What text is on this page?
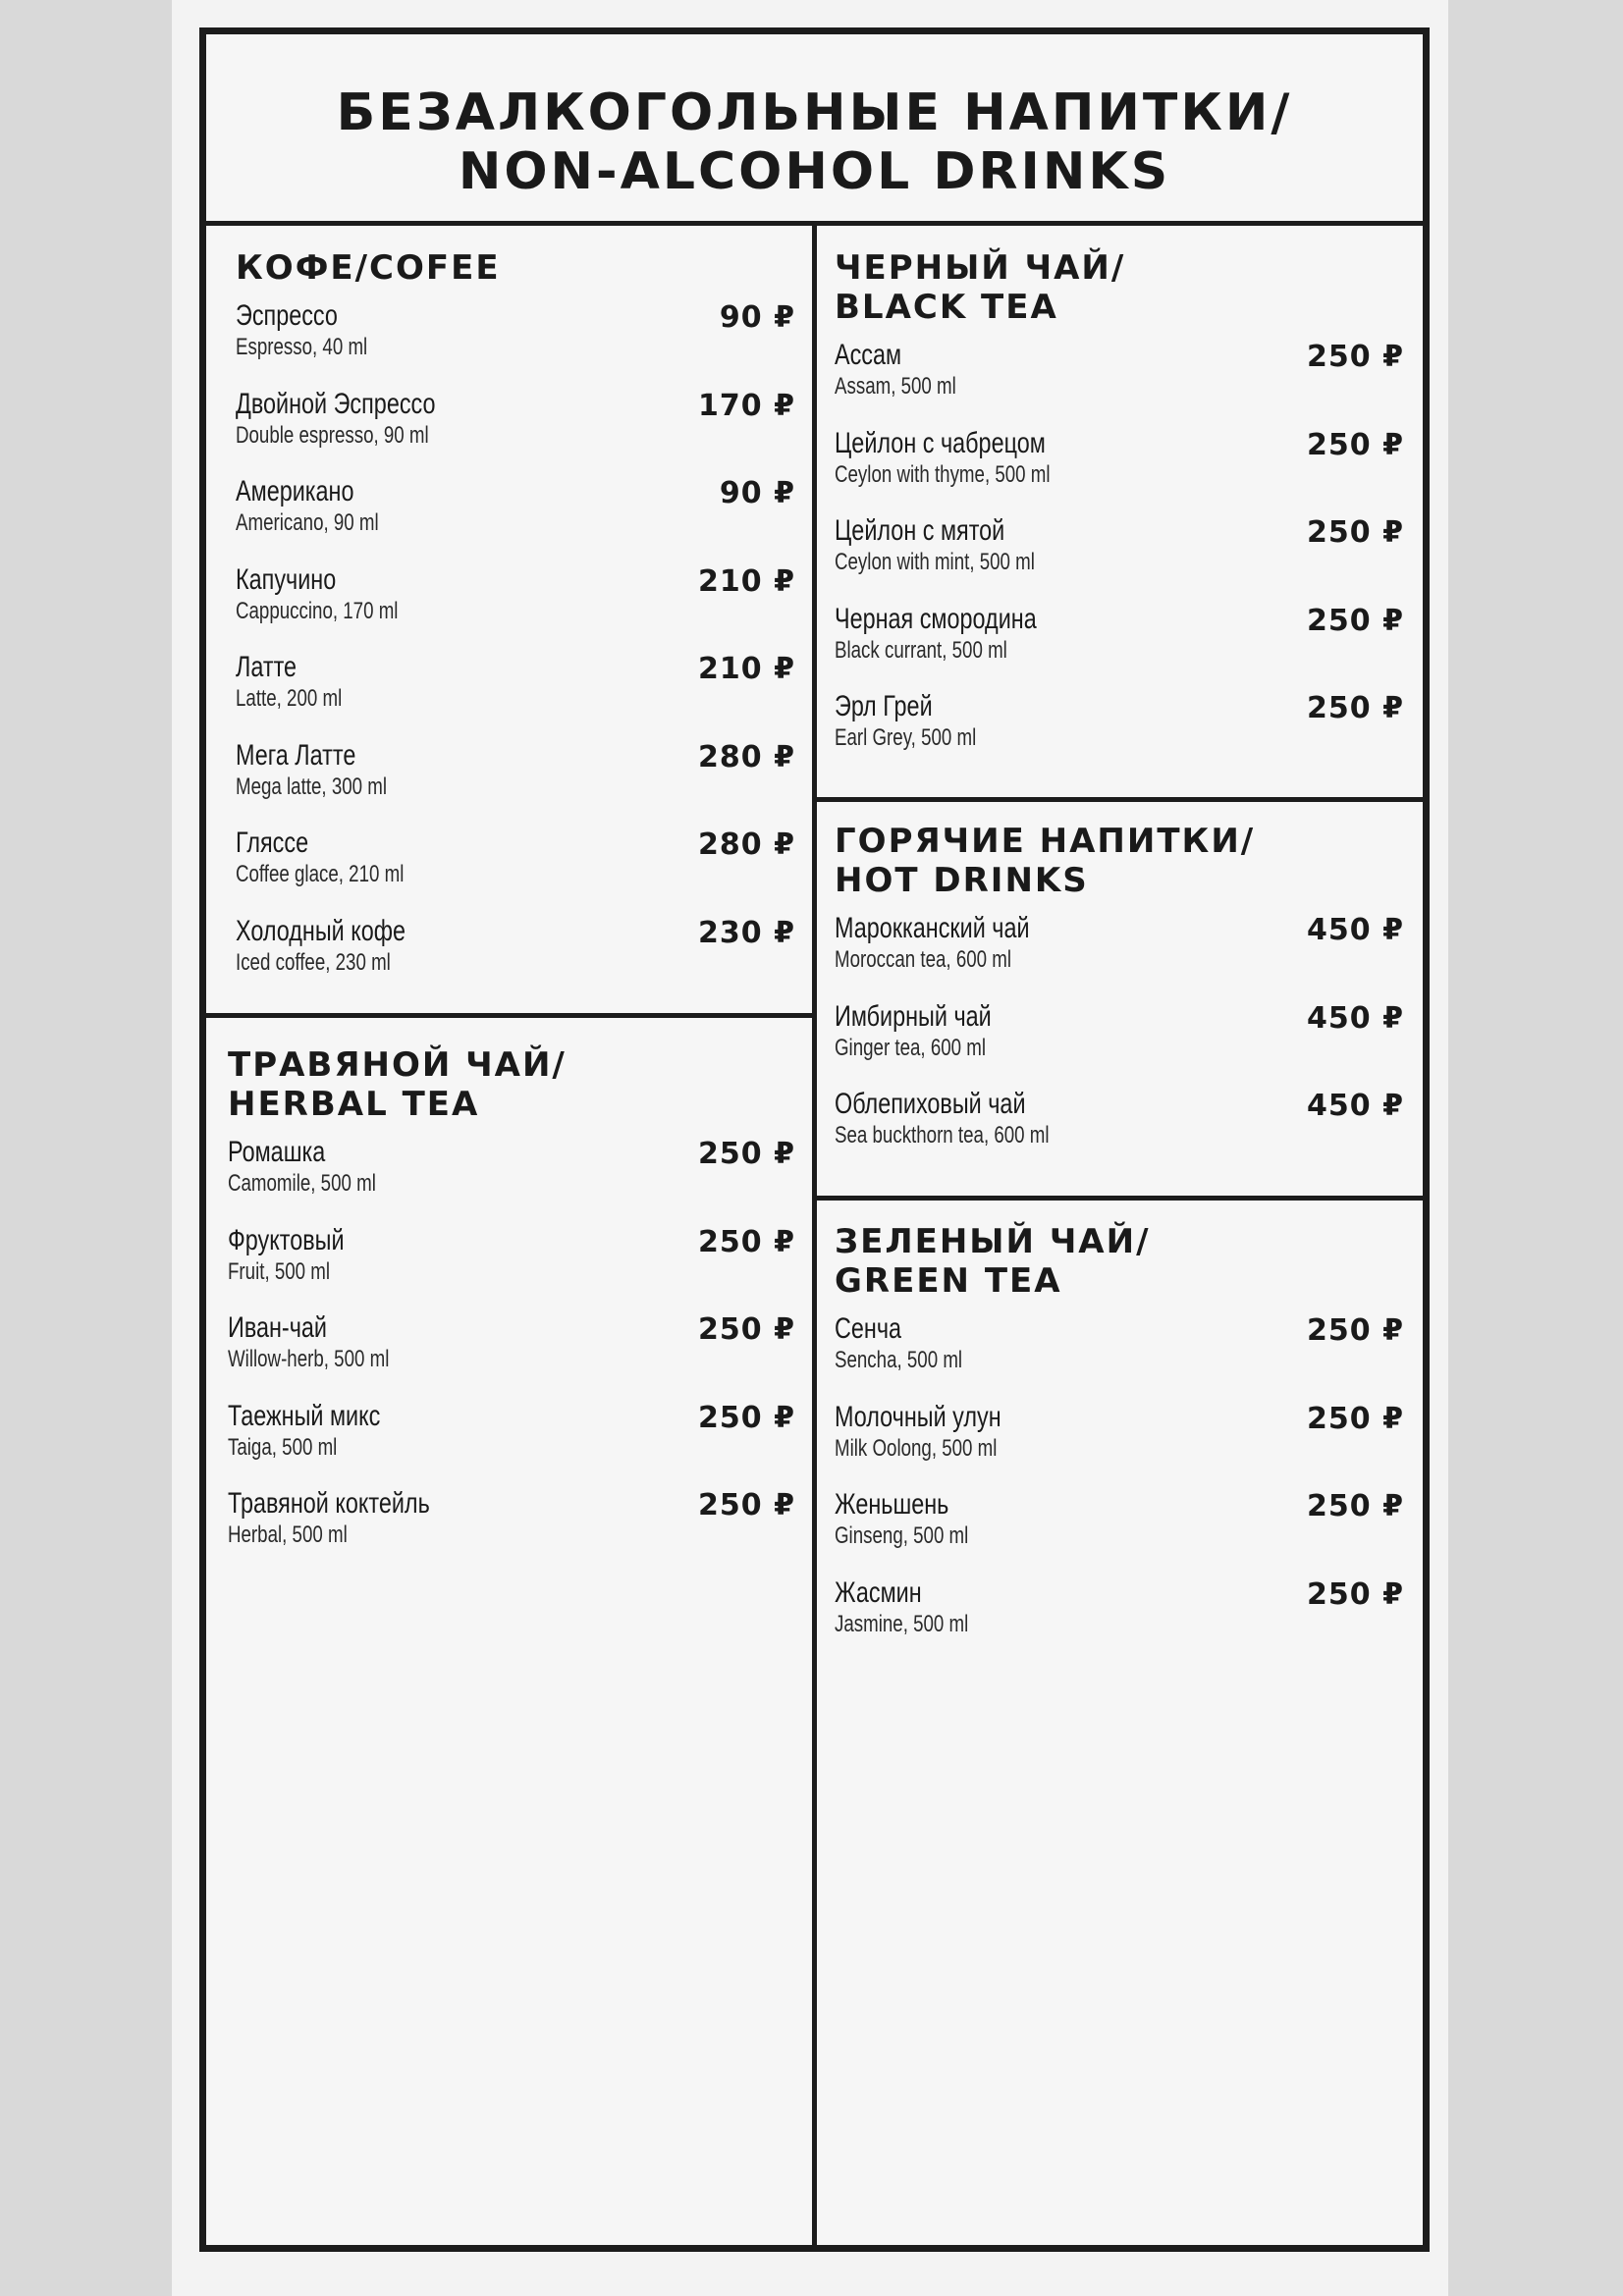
БЕЗАЛКОГОЛЬНЫЕ НАПИТКИ/
NON-ALCOHOL DRINKS
КОФЕ/COFEE
Эспрессо
Espresso, 40 ml
90 ₽
Двойной Эспрессо
Double espresso, 90 ml
170 ₽
Американо
Americano, 90 ml
90 ₽
Капучино
Cappuccino, 170 ml
210 ₽
Латте
Latte, 200 ml
210 ₽
Мега Латте
Mega latte, 300 ml
280 ₽
Глясce
Coffee glace, 210 ml
280 ₽
Холодный кофе
Iced coffee, 230 ml
230 ₽
ТРАВЯНОЙ ЧАЙ/
HERBAL TEA
Ромашка
Camomile, 500 ml
250 ₽
Фруктовый
Fruit, 500 ml
250 ₽
Иван-чай
Willow-herb, 500 ml
250 ₽
Таежный микс
Taiga, 500 ml
250 ₽
Травяной коктейль
Herbal, 500 ml
250 ₽
ЧЕРНЫЙ ЧАЙ/
BLACK TEA
Ассам
Assam, 500 ml
250 ₽
Цейлон с чабрецом
Ceylon with thyme, 500 ml
250 ₽
Цейлон с мятой
Ceylon with mint, 500 ml
250 ₽
Черная смородина
Black currant, 500 ml
250 ₽
Эрл Грей
Earl Grey, 500 ml
250 ₽
ГОРЯЧИЕ НАПИТКИ/
HOT DRINKS
Марокканский чай
Moroccan tea, 600 ml
450 ₽
Имбирный чай
Ginger tea, 600 ml
450 ₽
Облепиховый чай
Sea buckthorn tea, 600 ml
450 ₽
ЗЕЛЕНЫЙ ЧАЙ/
GREEN TEA
Сенча
Sencha, 500 ml
250 ₽
Молочный улун
Milk Oolong, 500 ml
250 ₽
Женьшень
Ginseng, 500 ml
250 ₽
Жасмин
Jasmine, 500 ml
250 ₽
